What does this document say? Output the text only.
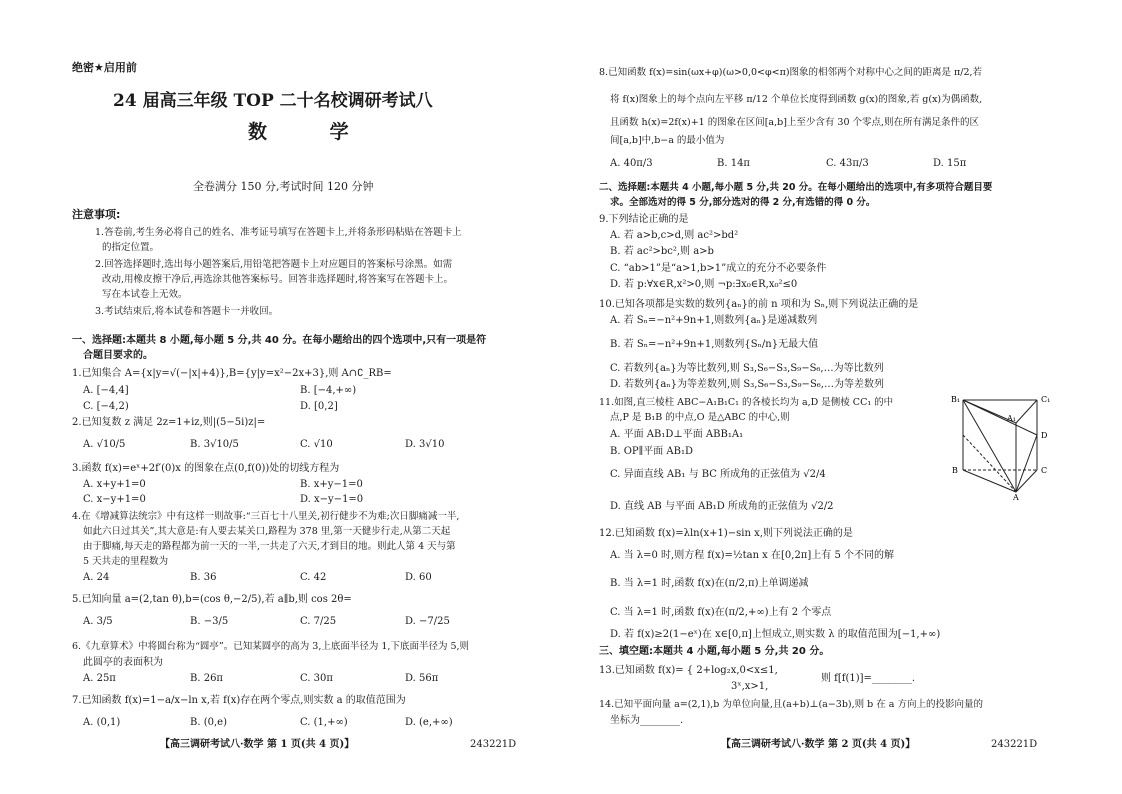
绝密★启用前
24 届高三年级 TOP 二十名校调研考试八
数 学
全卷满分 150 分,考试时间 120 分钟
注意事项:
1.答卷前,考生务必将自己的姓名、准考证号填写在答题卡上,并将条形码粘贴在答题卡上
的指定位置。
2.回答选择题时,选出每小题答案后,用铅笔把答题卡上对应题目的答案标号涂黑。如需
改动,用橡皮擦干净后,再选涂其他答案标号。回答非选择题时,将答案写在答题卡上。
写在本试卷上无效。
3.考试结束后,将本试卷和答题卡一并收回。
一、选择题:本题共 8 小题,每小题 5 分,共 40 分。在每小题给出的四个选项中,只有一项是符
合题目要求的。
1.已知集合 A={x|y=√(−|x|+4)},B={y|y=x²−2x+3},则 A∩∁_RB=
A. [−4,4]	B. [−4,+∞)
C. [−4,2)	D. [0,2]
2.已知复数 z 满足 2z=1+iz,则|(5−5i)z|=
A. √10/5	B. 3√10/5	C. √10	D. 3√10
3.函数 f(x)=eˣ+2f′(0)x 的图象在点(0,f(0))处的切线方程为
A. x+y+1=0	B. x+y−1=0
C. x−y+1=0	D. x−y−1=0
4.在《增减算法统宗》中有这样一则故事:“三百七十八里关,初行健步不为难;次日脚痛减一半,
如此六日过其关”,其大意是:有人要去某关口,路程为 378 里,第一天健步行走,从第二天起
由于脚痛,每天走的路程都为前一天的一半,一共走了六天,才到目的地。则此人第 4 天与第
5 天共走的里程数为
A. 24	B. 36	C. 42	D. 60
5.已知向量 a=(2,tan θ),b=(cos θ,−2/5),若 a∥b,则 cos 2θ=
A. 3/5	B. −3/5	C. 7/25	D. −7/25
6.《九章算术》中将圆台称为“圆亭”。已知某圆亭的高为 3,上底面半径为 1,下底面半径为 5,则
此圆亭的表面积为
A. 25π	B. 26π	C. 30π	D. 56π
7.已知函数 f(x)=1−a/x−ln x,若 f(x)存在两个零点,则实数 a 的取值范围为
A. (0,1)	B. (0,e)	C. (1,+∞)	D. (e,+∞)
【高三调研考试八·数学 第 1 页(共 4 页)】	243221D
8.已知函数 f(x)=sin(ωx+φ)(ω>0,0<φ<π)图象的相邻两个对称中心之间的距离是 π/2,若
将 f(x)图象上的每个点向左平移 π/12 个单位长度得到函数 g(x)的图象,若 g(x)为偶函数,
且函数 h(x)=2f(x)+1 的图象在区间[a,b]上至少含有 30 个零点,则在所有满足条件的区
间[a,b]中,b−a 的最小值为
A. 40π/3	B. 14π	C. 43π/3	D. 15π
二、选择题:本题共 4 小题,每小题 5 分,共 20 分。在每小题给出的选项中,有多项符合题目要
求。全部选对的得 5 分,部分选对的得 2 分,有选错的得 0 分。
9.下列结论正确的是
A. 若 a>b,c>d,则 ac²>bd²
B. 若 ac²>bc²,则 a>b
C. “ab>1”是“a>1,b>1”成立的充分不必要条件
D. 若 p:∀x∈R,x²>0,则 ¬p:∃x₀∈R,x₀²≤0
10.已知各项都是实数的数列{aₙ}的前 n 项和为 Sₙ,则下列说法正确的是
A. 若 Sₙ=−n²+9n+1,则数列{aₙ}是递减数列
B. 若 Sₙ=−n²+9n+1,则数列{Sₙ/n}无最大值
C. 若数列{aₙ}为等比数列,则 S₃,S₆−S₃,S₉−S₆,…为等比数列
D. 若数列{aₙ}为等差数列,则 S₃,S₆−S₃,S₉−S₆,…为等差数列
11.如图,直三棱柱 ABC−A₁B₁C₁ 的各棱长均为 a,D 是侧棱 CC₁ 的中
点,P 是 B₁B 的中点,O 是△ABC 的中心,则
A. 平面 AB₁D⊥平面 ABB₁A₁
B. OP∥平面 AB₁D
C. 异面直线 AB₁ 与 BC 所成角的正弦值为 √2/4
D. 直线 AB 与平面 AB₁D 所成角的正弦值为 √2/2
B₁	C₁
A₁
D
B	C
A
12.已知函数 f(x)=λln(x+1)−sin x,则下列说法正确的是
A. 当 λ=0 时,则方程 f(x)=½tan x 在[0,2π]上有 5 个不同的解
B. 当 λ=1 时,函数 f(x)在(π/2,π)上单调递减
C. 当 λ=1 时,函数 f(x)在(π/2,+∞)上有 2 个零点
D. 若 f(x)≥2(1−eˣ)在 x∈[0,π]上恒成立,则实数 λ 的取值范围为[−1,+∞)
三、填空题:本题共 4 小题,每小题 5 分,共 20 分。
13.已知函数 f(x)= { 2+log₂x,0<x≤1,
3ˣ,x>1,
则 f[f(1)]=________.
14.已知平面向量 a=(2,1),b 为单位向量,且(a+b)⊥(a−3b),则 b 在 a 方向上的投影向量的
坐标为________.
【高三调研考试八·数学 第 2 页(共 4 页)】	243221D
